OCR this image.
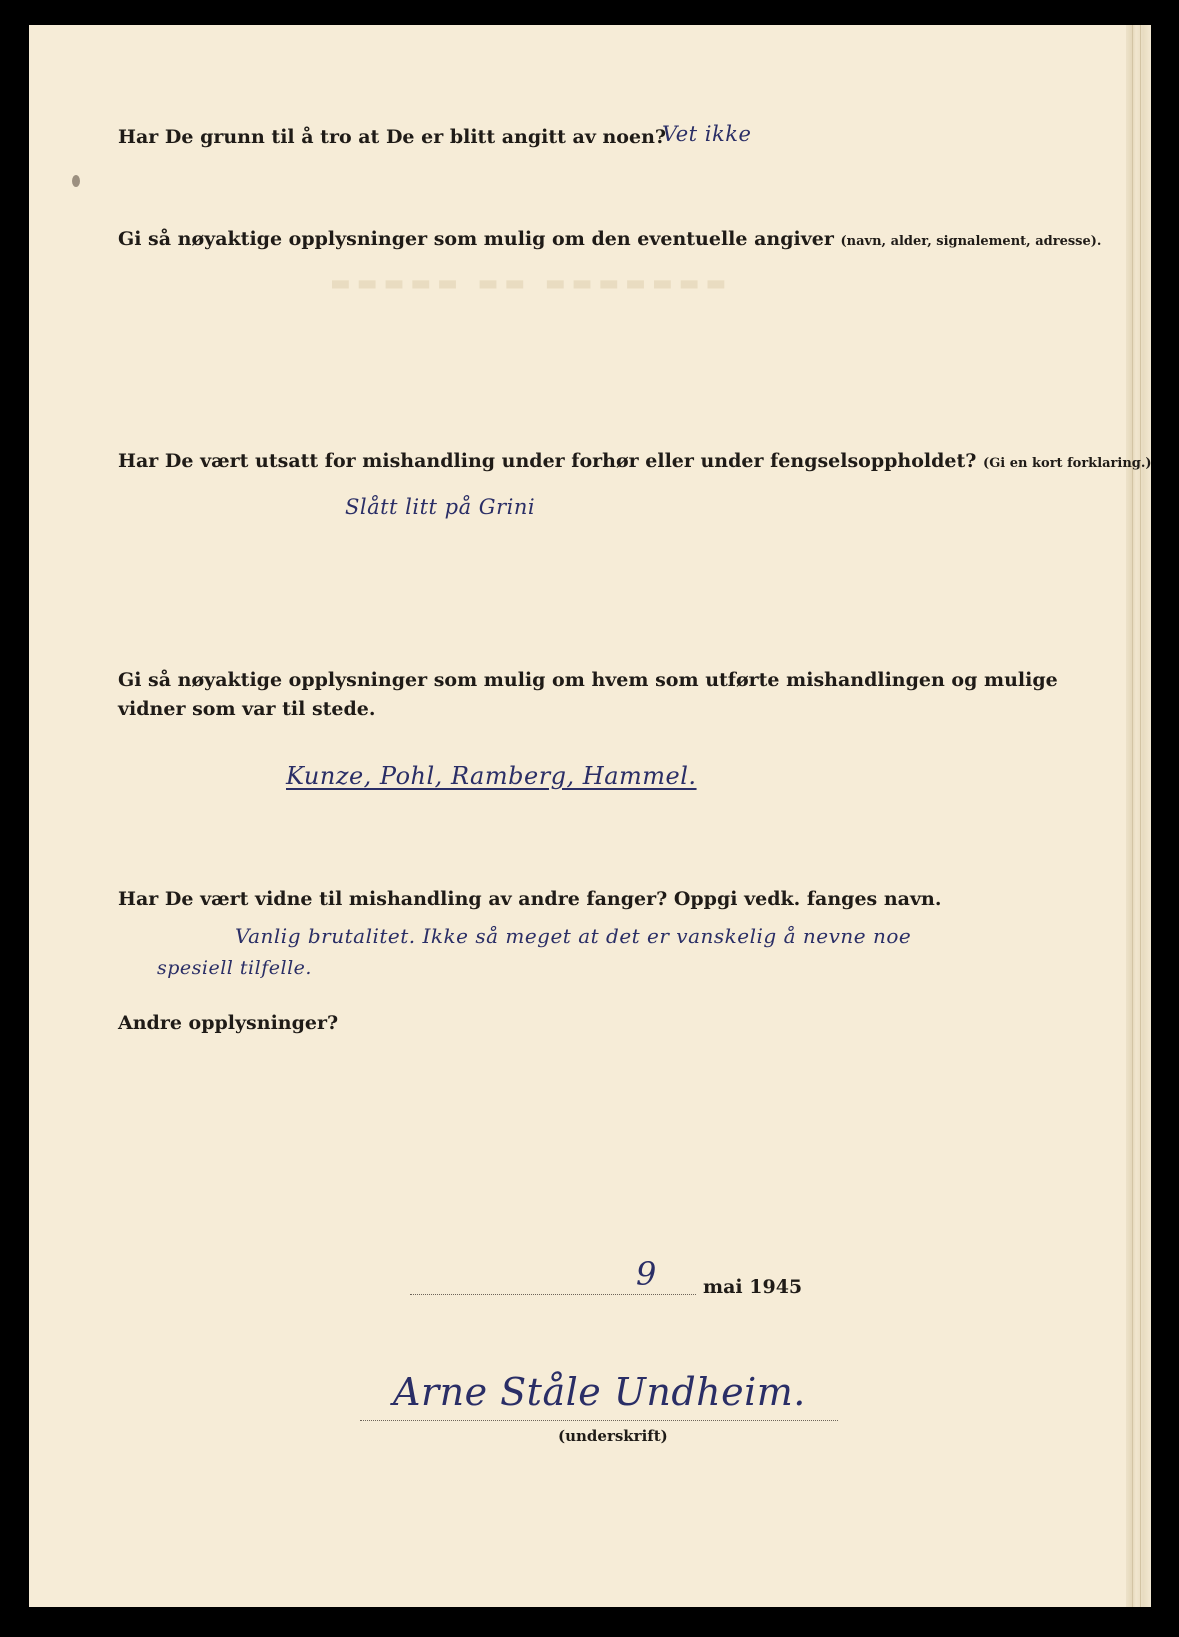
▬▬▬▬▬ ▬▬ ▬▬▬▬▬▬▬
Har De grunn til å tro at De er blitt angitt av noen?
Vet ikke
Gi så nøyaktige opplysninger som mulig om den eventuelle angiver (navn, alder, signalement, adresse).
Har De vært utsatt for mishandling under forhør eller under fengselsoppholdet? (Gi en kort forklaring.)
Slått litt på Grini
Gi så nøyaktige opplysninger som mulig om hvem som utførte mishandlingen og mulige vidner som var til stede.
Kunze, Pohl, Ramberg, Hammel.
Har De vært vidne til mishandling av andre fanger? Oppgi vedk. fanges navn.
Vanlig brutalitet. Ikke så meget at det er vanskelig å nevne noe
spesiell tilfelle.
Andre opplysninger?
9 mai 1945
Arne Ståle Undheim.
(underskrift)
